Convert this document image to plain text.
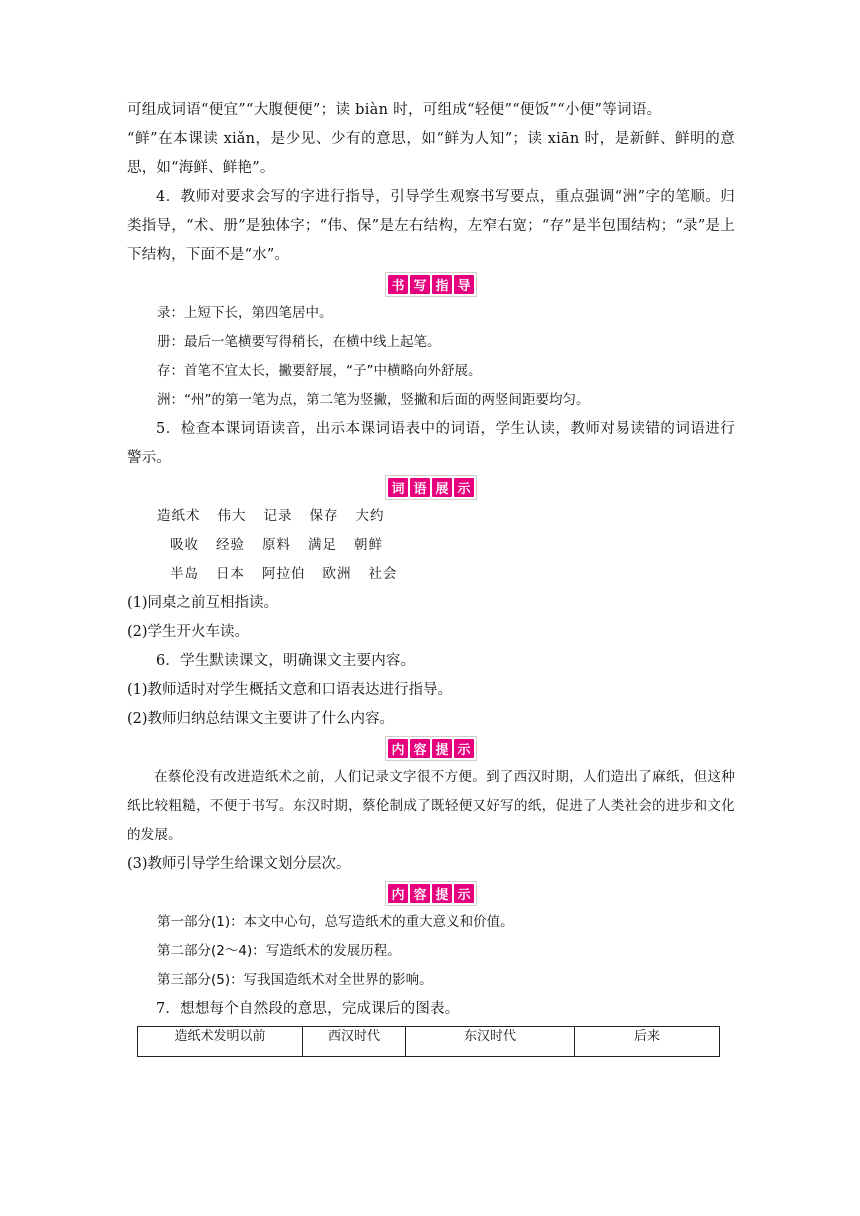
可组成词语“便宜”“大腹便便”；读 biàn 时，可组成“轻便”“便饭”“小便”等词语。

“鲜”在本课读 xiǎn，是少见、少有的意思，如“鲜为人知”；读 xiān 时，是新鲜、鲜明的意思，如“海鲜、鲜艳”。

4．教师对要求会写的字进行指导，引导学生观察书写要点，重点强调“洲”字的笔顺。归类指导，“术、册”是独体字；“伟、保”是左右结构，左窄右宽；“存”是半包围结构；“录”是上下结构，下面不是“水”。

书 写 指 导

录：上短下长，第四笔居中。

册：最后一笔横要写得稍长，在横中线上起笔。

存：首笔不宜太长，撇要舒展，“子”中横略向外舒展。

洲：“州”的第一笔为点，第二笔为竖撇，竖撇和后面的两竖间距要均匀。

5．检查本课词语读音，出示本课词语表中的词语，学生认读，教师对易读错的词语进行警示。

词 语 展 示

造纸术 伟大 记录 保存 大约

吸收 经验 原料 满足 朝鲜

半岛 日本 阿拉伯 欧洲 社会

(1)同桌之前互相指读。

(2)学生开火车读。

6．学生默读课文，明确课文主要内容。

(1)教师适时对学生概括文意和口语表达进行指导。

(2)教师归纳总结课文主要讲了什么内容。

内 容 提 示

在蔡伦没有改进造纸术之前，人们记录文字很不方便。到了西汉时期，人们造出了麻纸，但这种纸比较粗糙，不便于书写。东汉时期，蔡伦制成了既轻便又好写的纸，促进了人类社会的进步和文化的发展。

(3)教师引导学生给课文划分层次。

内 容 提 示

第一部分(1)：本文中心句，总写造纸术的重大意义和价值。

第二部分(2～4)：写造纸术的发展历程。

第三部分(5)：写我国造纸术对全世界的影响。

7．想想每个自然段的意思，完成课后的图表。

造纸术发明以前	西汉时代	东汉时代	后来
